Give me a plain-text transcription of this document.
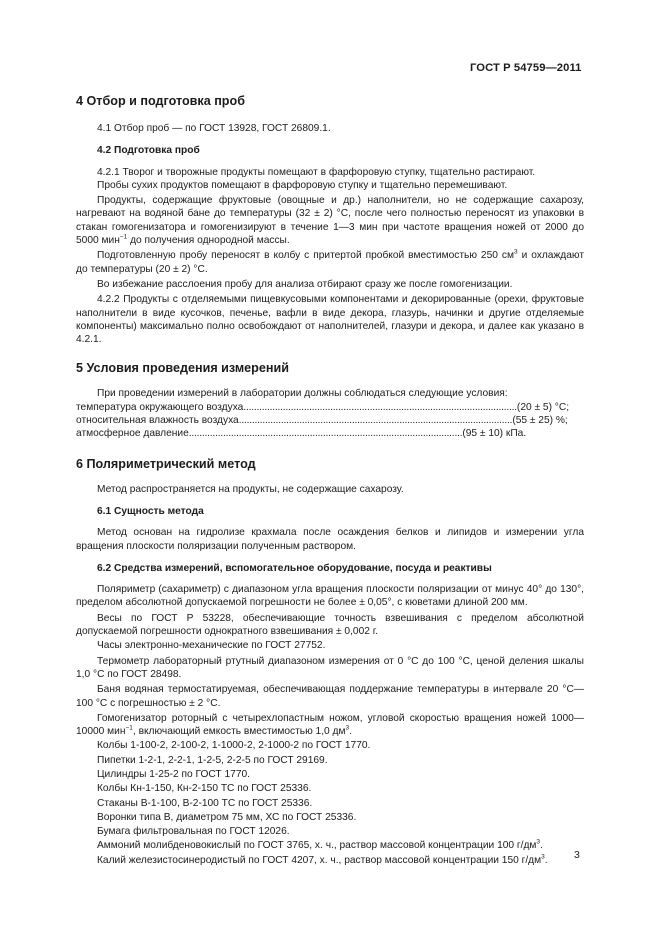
ГОСТ Р 54759—2011
4 Отбор и подготовка проб

4.1 Отбор проб — по ГОСТ 13928, ГОСТ 26809.1.

4.2 Подготовка проб

4.2.1 Творог и творожные продукты помещают в фарфоровую ступку, тщательно растирают.

Пробы сухих продуктов помещают в фарфоровую ступку и тщательно перемешивают.

Продукты, содержащие фруктовые (овощные и др.) наполнители, но не содержащие сахарозу, нагревают на водяной бане до температуры (32 ± 2) °С, после чего полностью переносят из упаковки в стакан гомогенизатора и гомогенизируют в течение 1—3 мин при частоте вращения ножей от 2000 до 5000 мин$^{-1}$ до получения однородной массы.

Подготовленную пробу переносят в колбу с притертой пробкой вместимостью 250 $см^3$ и охлаждают до температуры (20 ± 2) °С.

Во избежание расслоения пробу для анализа отбирают сразу же после гомогенизации.

4.2.2 Продукты с отделяемыми пищевкусовыми компонентами и декорированные (орехи, фруктовые наполнители в виде кусочков, печенье, вафли в виде декора, глазурь, начинки и другие отделяемые компоненты) максимально полно освобождают от наполнителей, глазури и декора, и далее как указано в 4.2.1.

5 Условия проведения измерений

При проведении измерений в лаборатории должны соблюдаться следующие условия:

температура окружающего воздуха ........................................................................................................ (20 ± 5) °С;
относительная влажность воздуха ........................................................................................................ (55 ± 25) %;
атмосферное давление ........................................................................................................ (95 ± 10) кПа.
6 Поляриметрический метод

Метод распространяется на продукты, не содержащие сахарозу.

6.1 Сущность метода

Метод основан на гидролизе крахмала после осаждения белков и липидов и измерении угла вращения плоскости поляризации полученным раствором.

6.2 Средства измерений, вспомогательное оборудование, посуда и реактивы

Поляриметр (сахариметр) с диапазоном угла вращения плоскости поляризации от минус 40° до 130°, пределом абсолютной допускаемой погрешности не более ± 0,05°, с кюветами длиной 200 мм.

Весы по ГОСТ Р 53228, обеспечивающие точность взвешивания с пределом абсолютной допускаемой погрешности однократного взвешивания ± 0,002 г.

Часы электронно-механические по ГОСТ 27752.

Термометр лабораторный ртутный диапазоном измерения от 0 °С до 100 °С, ценой деления шкалы 1,0 °С по ГОСТ 28498.

Баня водяная термостатируемая, обеспечивающая поддержание температуры в интервале 20 °С—100 °С с погрешностью ± 2 °С.

Гомогенизатор роторный с четырехлопастным ножом, угловой скоростью вращения ножей 1000—10000 мин$^{-1}$, включающий емкость вместимостью 1,0 $дм^3$.

Колбы 1-100-2, 2-100-2, 1-1000-2, 2-1000-2 по ГОСТ 1770.

Пипетки 1-2-1, 2-2-1, 1-2-5, 2-2-5 по ГОСТ 29169.

Цилиндры 1-25-2 по ГОСТ 1770.

Колбы Кн-1-150, Кн-2-150 ТС по ГОСТ 25336.

Стаканы В-1-100, В-2-100 ТС по ГОСТ 25336.

Воронки типа В, диаметром 75 мм, ХС по ГОСТ 25336.

Бумага фильтровальная по ГОСТ 12026.

Аммоний молибденовокислый по ГОСТ 3765, х. ч., раствор массовой концентрации 100 $г/дм^3$.

Калий железистосинеродистый по ГОСТ 4207, х. ч., раствор массовой концентрации 150 $г/дм^3$.	3
